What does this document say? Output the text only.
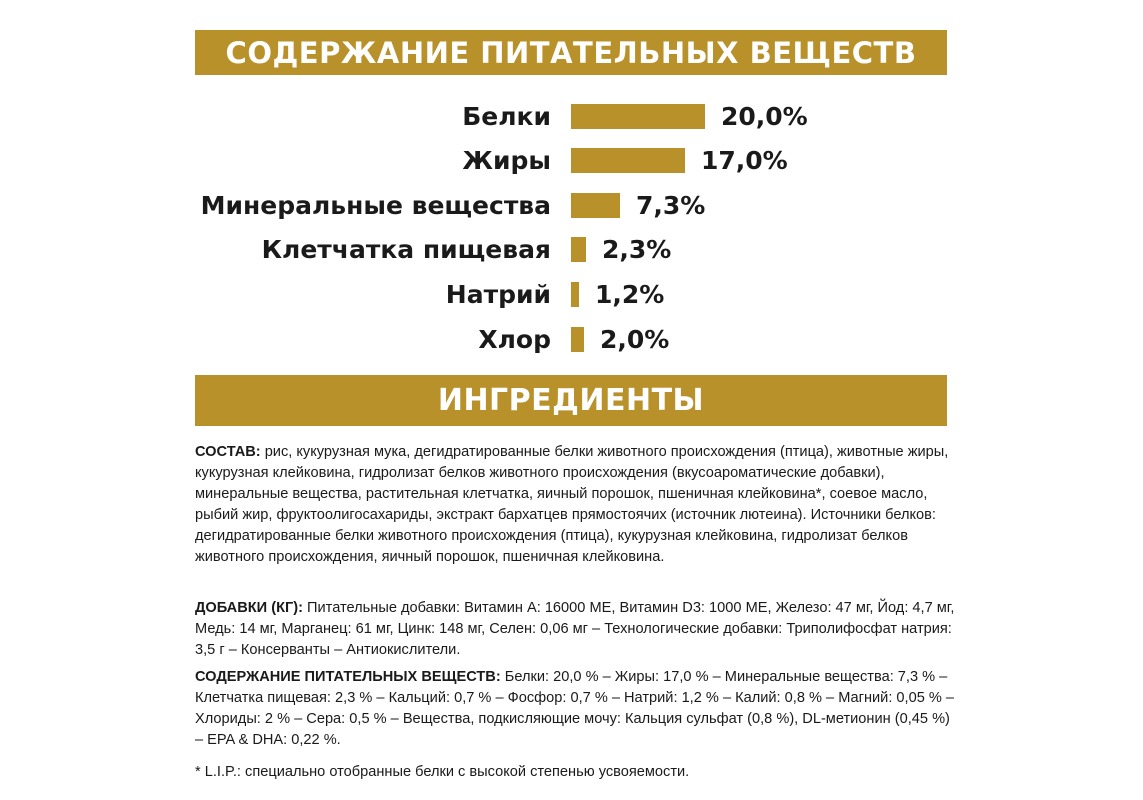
СОДЕРЖАНИЕ ПИТАТЕЛЬНЫХ ВЕЩЕСТВ
Белки	20,0%
Жиры	17,0%
Минеральные вещества	7,3%
Клетчатка пищевая 2,3%
Натрий 1,2%
Хлор 2,0%
ИНГРЕДИЕНТЫ

СОСТАВ: рис, кукурузная мука, дегидратированные белки животного происхождения (птица), животные жиры, кукурузная клейковина, гидролизат белков животного происхождения (вкусоароматические добавки), минеральные вещества, растительная клетчатка, яичный порошок, пшеничная клейковина*, соевое масло, рыбий жир, фруктоолигосахариды, экстракт бархатцев прямостоячих (источник лютеина). Источники белков: дегидратированные белки животного происхождения (птица), кукурузная клейковина, гидролизат белков животного происхождения, яичный порошок, пшеничная клейковина.

ДОБАВКИ (КГ): Питательные добавки: Витамин А: 16000 МЕ, Витамин D3: 1000 МЕ, Железо: 47 мг, Йод: 4,7 мг, Медь: 14 мг, Марганец: 61 мг, Цинк: 148 мг, Селен: 0,06 мг – Технологические добавки: Триполифосфат натрия: 3,5 г – Консерванты – Антиокислители.

СОДЕРЖАНИЕ ПИТАТЕЛЬНЫХ ВЕЩЕСТВ: Белки: 20,0 % – Жиры: 17,0 % – Минеральные вещества: 7,3 % – Клетчатка пищевая: 2,3 % – Кальций: 0,7 % – Фосфор: 0,7 % – Натрий: 1,2 % – Калий: 0,8 % – Магний: 0,05 % – Хлориды: 2 % – Сера: 0,5 % – Вещества, подкисляющие мочу: Кальция сульфат (0,8 %), DL-метионин (0,45 %) – EPA & DHA: 0,22 %.

* L.I.P.: специально отобранные белки с высокой степенью усвояемости.
